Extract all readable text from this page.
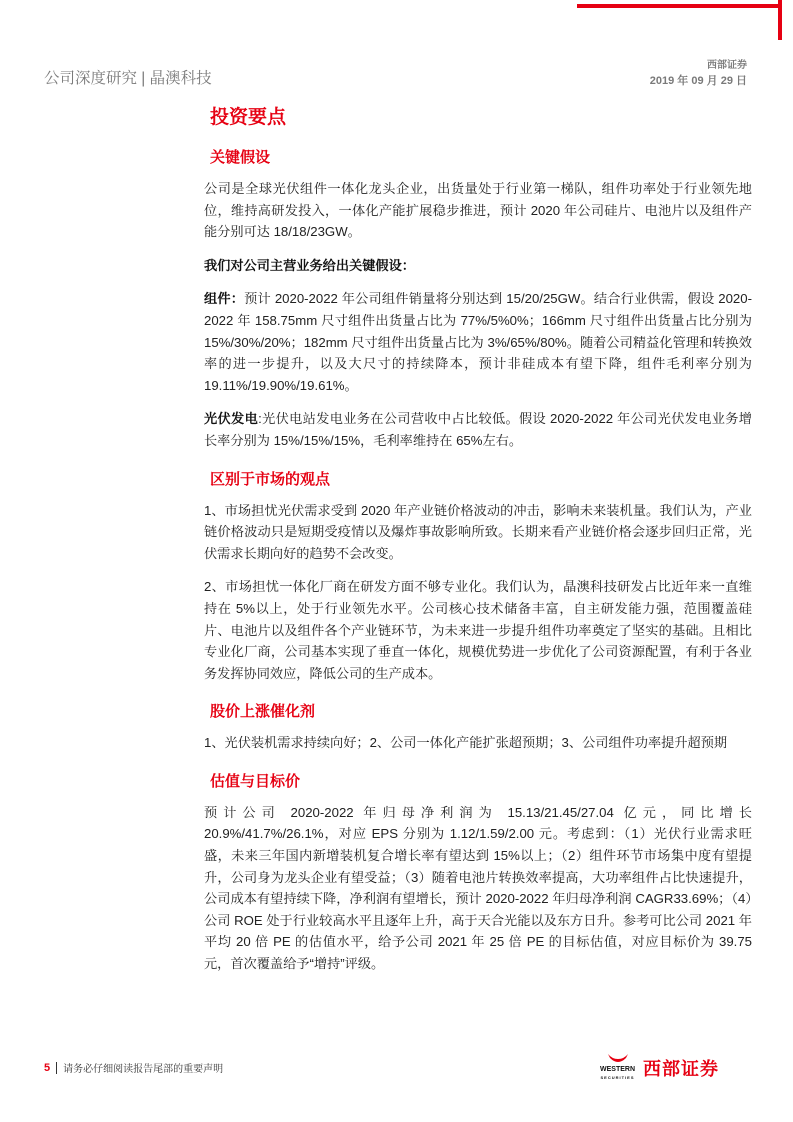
公司深度研究 | 晶澳科技
西部证券
2019 年 09 月 29 日
投资要点
关键假设

公司是全球光伏组件一体化龙头企业，出货量处于行业第一梯队，组件功率处于行业领先地位，维持高研发投入，一体化产能扩展稳步推进，预计 2020 年公司硅片、电池片以及组件产能分别可达 18/18/23GW。

我们对公司主营业务给出关键假设：

组件：预计 2020-2022 年公司组件销量将分别达到 15/20/25GW。结合行业供需，假设 2020-2022 年 158.75mm 尺寸组件出货量占比为 77%/5%0%；166mm 尺寸组件出货量占比分别为 15%/30%/20%；182mm 尺寸组件出货量占比为 3%/65%/80%。随着公司精益化管理和转换效率的进一步提升，以及大尺寸的持续降本，预计非硅成本有望下降，组件毛利率分别为 19.11%/19.90%/19.61%。

光伏发电:光伏电站发电业务在公司营收中占比较低。假设 2020-2022 年公司光伏发电业务增长率分别为 15%/15%/15%，毛利率维持在 65%左右。

区别于市场的观点

1、市场担忧光伏需求受到 2020 年产业链价格波动的冲击，影响未来装机量。我们认为，产业链价格波动只是短期受疫情以及爆炸事故影响所致。长期来看产业链价格会逐步回归正常，光伏需求长期向好的趋势不会改变。

2、市场担忧一体化厂商在研发方面不够专业化。我们认为，晶澳科技研发占比近年来一直维持在 5%以上，处于行业领先水平。公司核心技术储备丰富，自主研发能力强，范围覆盖硅片、电池片以及组件各个产业链环节，为未来进一步提升组件功率奠定了坚实的基础。且相比专业化厂商，公司基本实现了垂直一体化，规模优势进一步优化了公司资源配置，有利于各业务发挥协同效应，降低公司的生产成本。

股价上涨催化剂

1、光伏装机需求持续向好；2、公司一体化产能扩张超预期；3、公司组件功率提升超预期

估值与目标价

预计公司 2020-2022 年归母净利润为 15.13/21.45/27.04 亿元，同比增长 20.9%/41.7%/26.1%，对应 EPS 分别为 1.12/1.59/2.00 元。考虑到：（1）光伏行业需求旺盛，未来三年国内新增装机复合增长率有望达到 15%以上；（2）组件环节市场集中度有望提升，公司身为龙头企业有望受益；（3）随着电池片转换效率提高，大功率组件占比快速提升，公司成本有望持续下降，净利润有望增长，预计 2020-2022 年归母净利润 CAGR33.69%；（4）公司 ROE 处于行业较高水平且逐年上升，高于天合光能以及东方日升。参考可比公司 2021 年平均 20 倍 PE 的估值水平，给予公司 2021 年 25 倍 PE 的目标估值，对应目标价为 39.75 元，首次覆盖给予“增持”评级。

5 请务必仔细阅读报告尾部的重要声明	WESTERN
SECURITIES 西部证券
